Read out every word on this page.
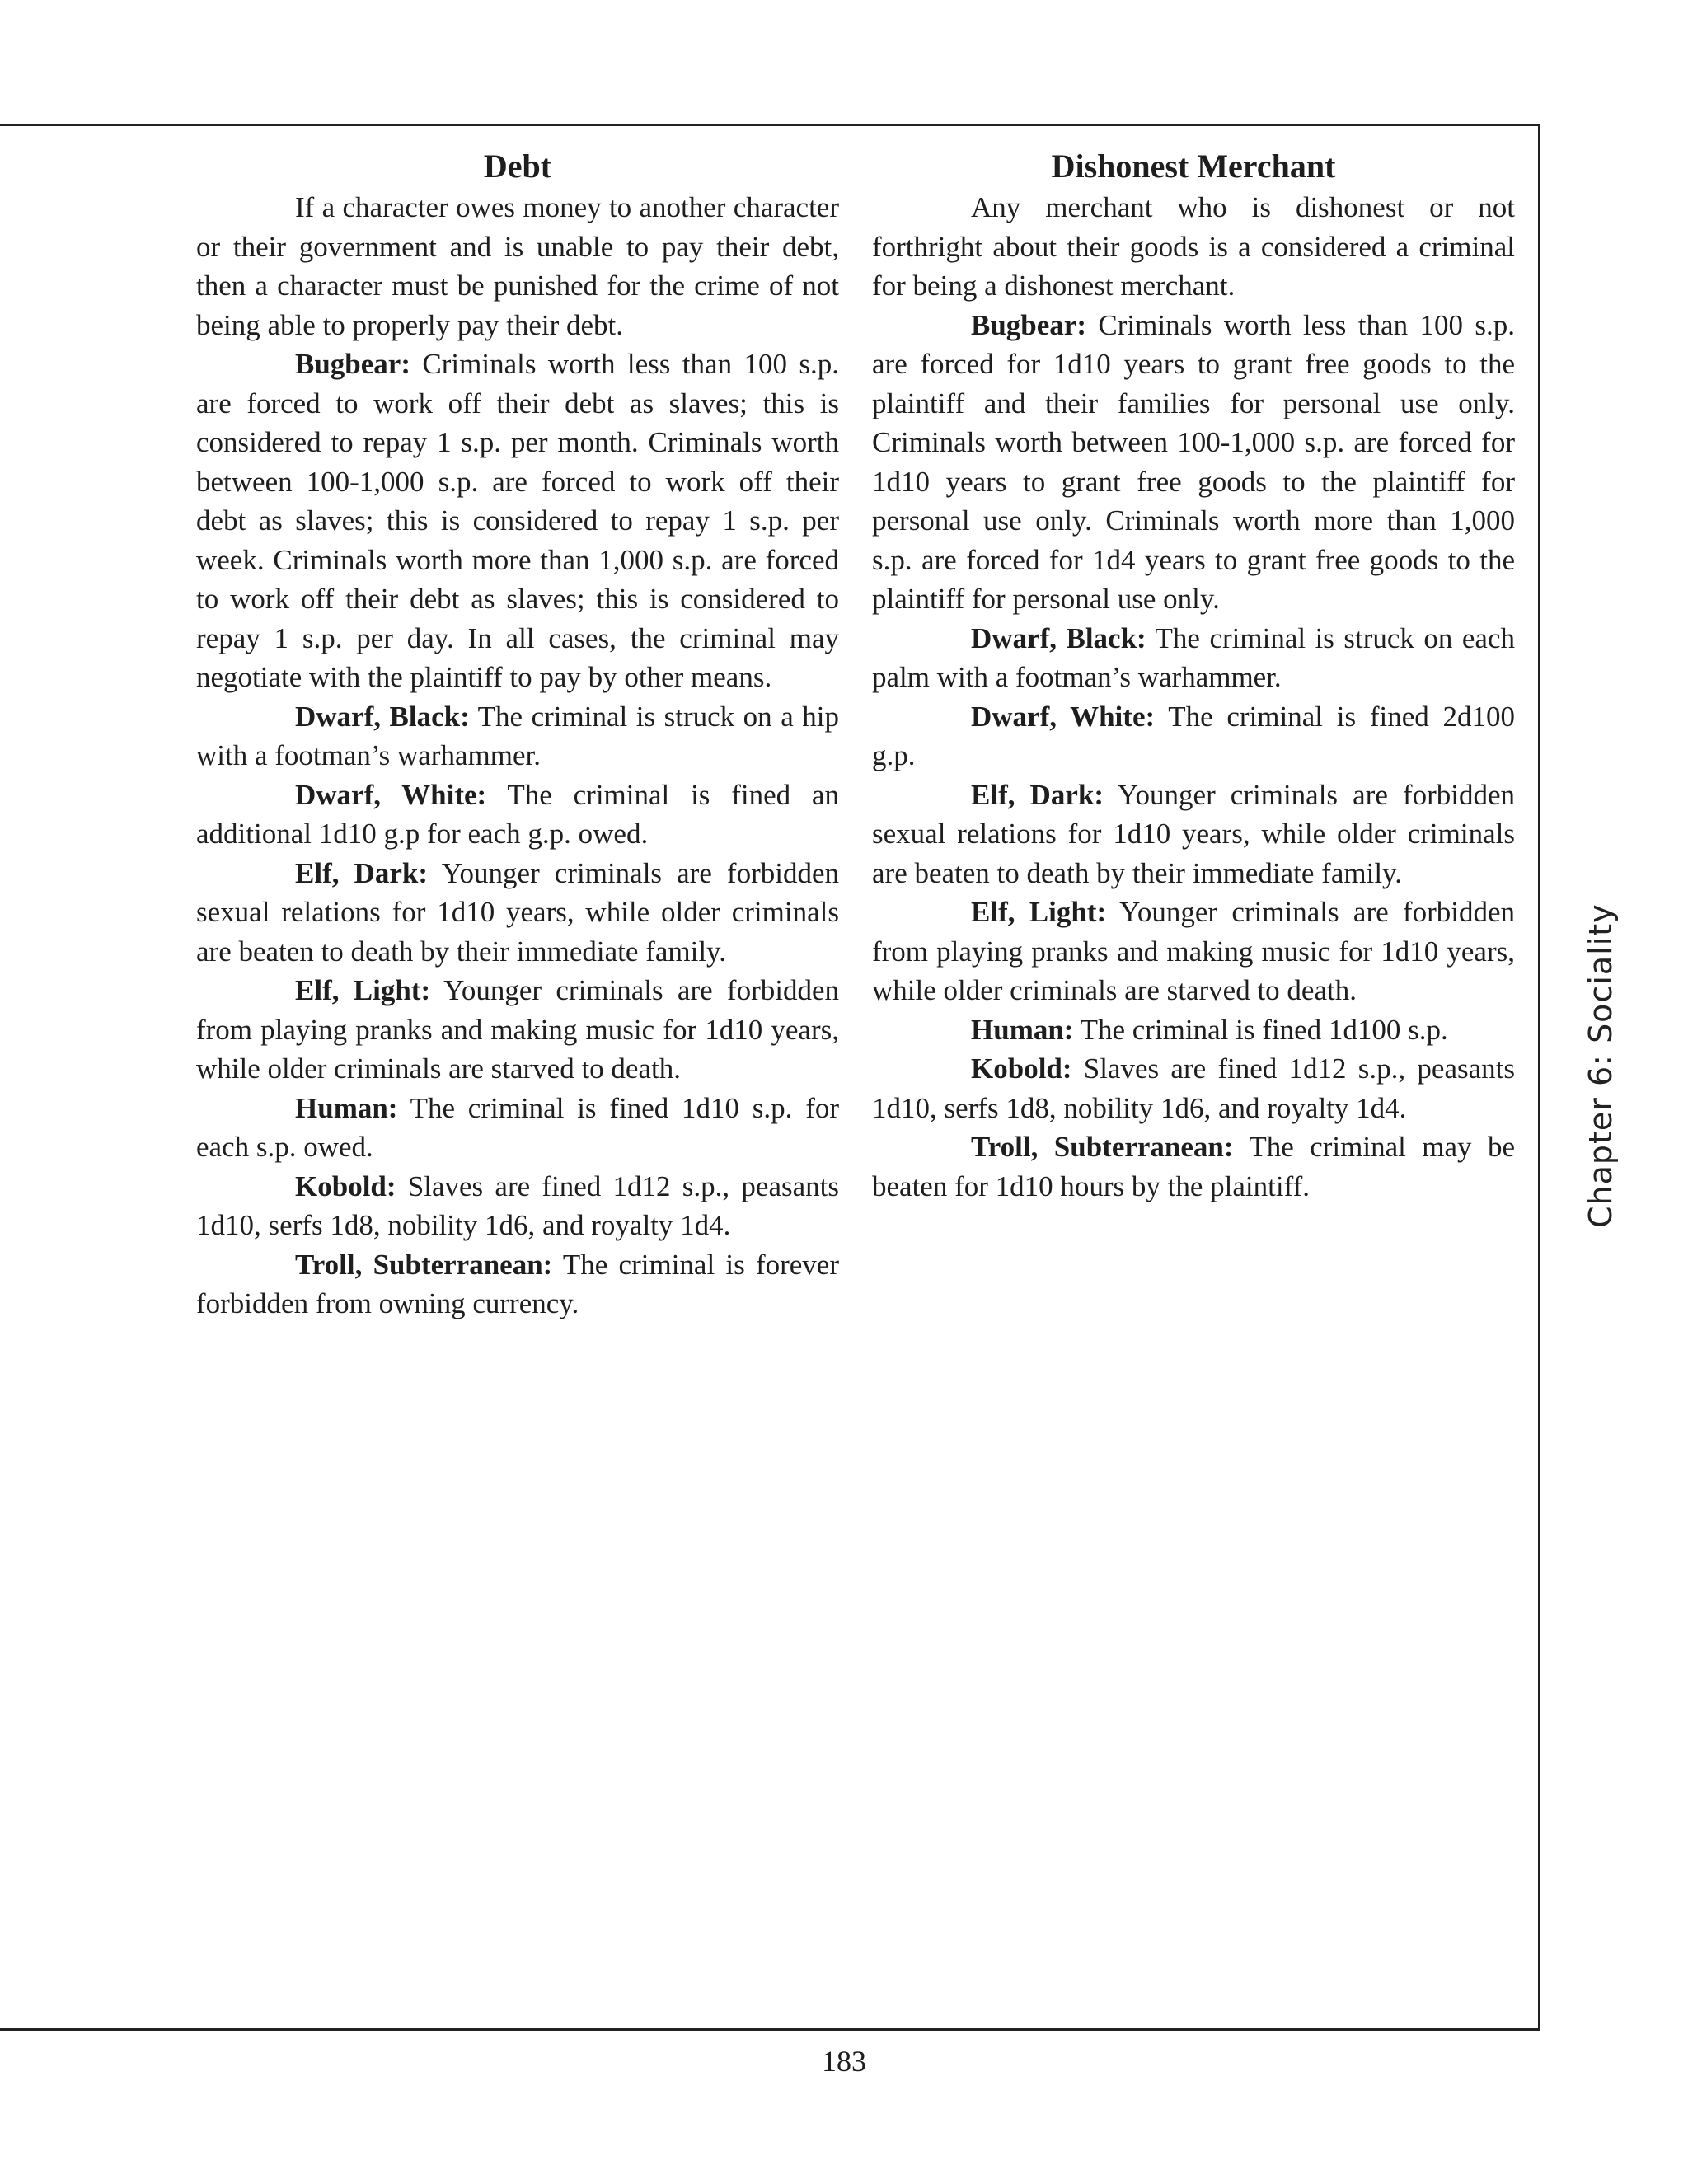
Debt

If a character owes money to another character or their government and is unable to pay their debt, then a character must be punished for the crime of not being able to properly pay their debt.

Bugbear: Criminals worth less than 100 s.p. are forced to work off their debt as slaves; this is considered to repay 1 s.p. per month. Criminals worth between 100-1,000 s.p. are forced to work off their debt as slaves; this is considered to repay 1 s.p. per week. Criminals worth more than 1,000 s.p. are forced to work off their debt as slaves; this is considered to repay 1 s.p. per day. In all cases, the criminal may negotiate with the plaintiff to pay by other means.

Dwarf, Black: The criminal is struck on a hip with a footman’s warhammer.

Dwarf, White: The criminal is fined an additional 1d10 g.p for each g.p. owed.

Elf, Dark: Younger criminals are forbidden sexual relations for 1d10 years, while older criminals are beaten to death by their immediate family.

Elf, Light: Younger criminals are forbidden from playing pranks and making music for 1d10 years, while older criminals are starved to death.

Human: The criminal is fined 1d10 s.p. for each s.p. owed.

Kobold: Slaves are fined 1d12 s.p., peasants 1d10, serfs 1d8, nobility 1d6, and royalty 1d4.

Troll, Subterranean: The criminal is forever forbidden from owning currency.

Dishonest Merchant

Any merchant who is dishonest or not forthright about their goods is a considered a criminal for being a dishonest merchant.

Bugbear: Criminals worth less than 100 s.p. are forced for 1d10 years to grant free goods to the plaintiff and their families for personal use only. Criminals worth between 100-1,000 s.p. are forced for 1d10 years to grant free goods to the plaintiff for personal use only. Criminals worth more than 1,000 s.p. are forced for 1d4 years to grant free goods to the plaintiff for personal use only.

Dwarf, Black: The criminal is struck on each palm with a footman’s warhammer.

Dwarf, White: The criminal is fined 2d100 g.p.

Elf, Dark: Younger criminals are forbidden sexual relations for 1d10 years, while older criminals are beaten to death by their immediate family.

Elf, Light: Younger criminals are forbidden from playing pranks and making music for 1d10 years, while older criminals are starved to death.

Human: The criminal is fined 1d100 s.p.

Kobold: Slaves are fined 1d12 s.p., peasants 1d10, serfs 1d8, nobility 1d6, and royalty 1d4.

Troll, Subterranean: The criminal may be beaten for 1d10 hours by the plaintiff.	Chapter 6: Sociality
183
